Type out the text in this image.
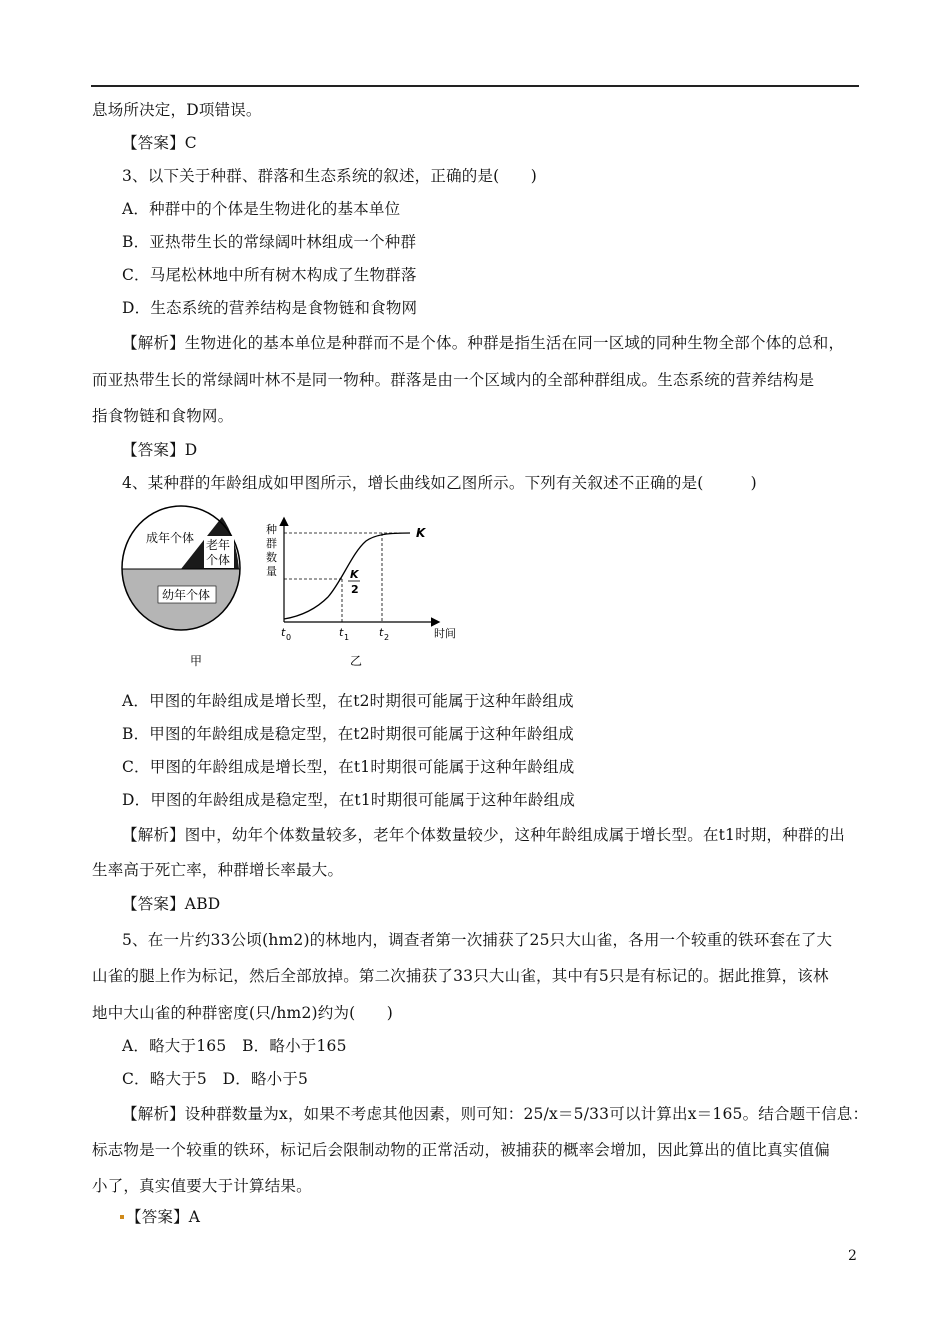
息场所决定，D项错误。
【答案】C
3、以下关于种群、群落和生态系统的叙述，正确的是(　　)
A．种群中的个体是生物进化的基本单位
B．亚热带生长的常绿阔叶林组成一个种群
C．马尾松林地中所有树木构成了生物群落
D．生态系统的营养结构是食物链和食物网
【解析】生物进化的基本单位是种群而不是个体。种群是指生活在同一区域的同种生物全部个体的总和，
而亚热带生长的常绿阔叶林不是同一物种。群落是由一个区域内的全部种群组成。生态系统的营养结构是
指食物链和食物网。
【答案】D
4、某种群的年龄组成如甲图所示，增长曲线如乙图所示。下列有关叙述不正确的是(　　　)
成年个体 老年
个体
幼年个体
甲
种
群
数
量
K
K
2
t 0	t 1	t 2	时间
乙
A．甲图的年龄组成是增长型，在t2时期很可能属于这种年龄组成
B．甲图的年龄组成是稳定型，在t2时期很可能属于这种年龄组成
C．甲图的年龄组成是增长型，在t1时期很可能属于这种年龄组成
D．甲图的年龄组成是稳定型，在t1时期很可能属于这种年龄组成
【解析】图中，幼年个体数量较多，老年个体数量较少，这种年龄组成属于增长型。在t1时期，种群的出
生率高于死亡率，种群增长率最大。
【答案】ABD
5、在一片约33公顷(hm2)的林地内，调查者第一次捕获了25只大山雀，各用一个较重的铁环套在了大
山雀的腿上作为标记，然后全部放掉。第二次捕获了33只大山雀，其中有5只是有标记的。据此推算，该林
地中大山雀的种群密度(只/hm2)约为(　　)
A．略大于165　B．略小于165
C．略大于5　D．略小于5
【解析】设种群数量为x，如果不考虑其他因素，则可知：25/x＝5/33可以计算出x＝165。结合题干信息：
标志物是一个较重的铁环，标记后会限制动物的正常活动，被捕获的概率会增加，因此算出的值比真实值偏
小了，真实值要大于计算结果。
【答案】A
2
